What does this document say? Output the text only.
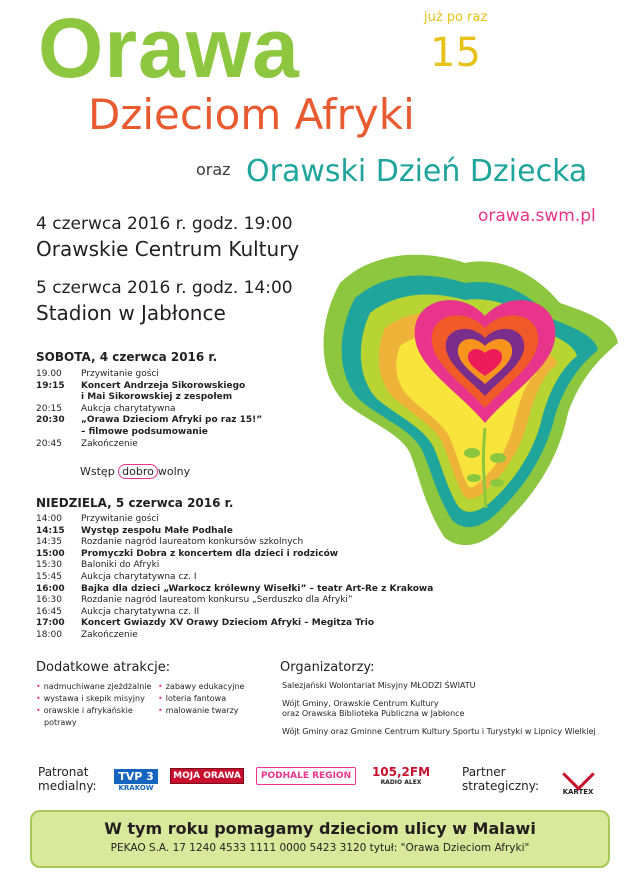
Orawa	już po raz
15
Dzieciom Afryki
oraz Orawski Dzień Dziecka
orawa.swm.pl
4 czerwca 2016 r. godz. 19:00
Orawskie Centrum Kultury
5 czerwca 2016 r. godz. 14:00
Stadion w Jabłonce
SOBOTA, 4 czerwca 2016 r.
19.00	Przywitanie gości
19:15	Koncert Andrzeja Sikorowskiego
i Mai Sikorowskiej z zespołem
20:15	Aukcja charytatywna
20:30	„Orawa Dzieciom Afryki po raz 15!”
– filmowe podsumowanie
20:45	Zakończenie
Wstęp dobro wolny
NIEDZIELA, 5 czerwca 2016 r.
14:00	Przywitanie gości
14:15	Występ zespołu Małe Podhale
14:35	Rozdanie nagród laureatom konkursów szkolnych
15:00	Promyczki Dobra z koncertem dla dzieci i rodziców
15:30	Baloniki do Afryki
15:45	Aukcja charytatywna cz. I
16:00	Bajka dla dzieci „Warkocz królewny Wisełki” – teatr Art-Re z Krakowa
16:30	Rozdanie nagród laureatom konkursu „Serduszko dla Afryki”
16:45	Aukcja charytatywna cz. II
17:00	Koncert Gwiazdy XV Orawy Dzieciom Afryki – Megitza Trio
18:00	Zakończenie
Dodatkowe atrakcje:
• nadmuchiwane zjeżdżalnie
• wystawa i skepik misyjny
• orawskie i afrykańskie
potrawy
• zabawy edukacyjne
• loteria fantowa
• malowanie twarzy
Organizatorzy:
Salezjański Wolontariat Misyjny MŁODZI ŚWIATU
Wójt Gminy, Orawskie Centrum Kultury
oraz Orawska Biblioteka Publiczna w Jabłonce
Wójt Gminy oraz Gminne Centrum Kultury Sportu i Turystyki w Lipnicy Wielkiej
Patronat
medialny:
TVP 3
KRAKÓW
MOJA ORAWA	PODHALE REGION	105,2FM
RADIO ALEX
Partner
strategiczny:	KARTEX
W tym roku pomagamy dzieciom ulicy w Malawi
PEKAO S.A. 17 1240 4533 1111 0000 5423 3120 tytuł: "Orawa Dzieciom Afryki"
